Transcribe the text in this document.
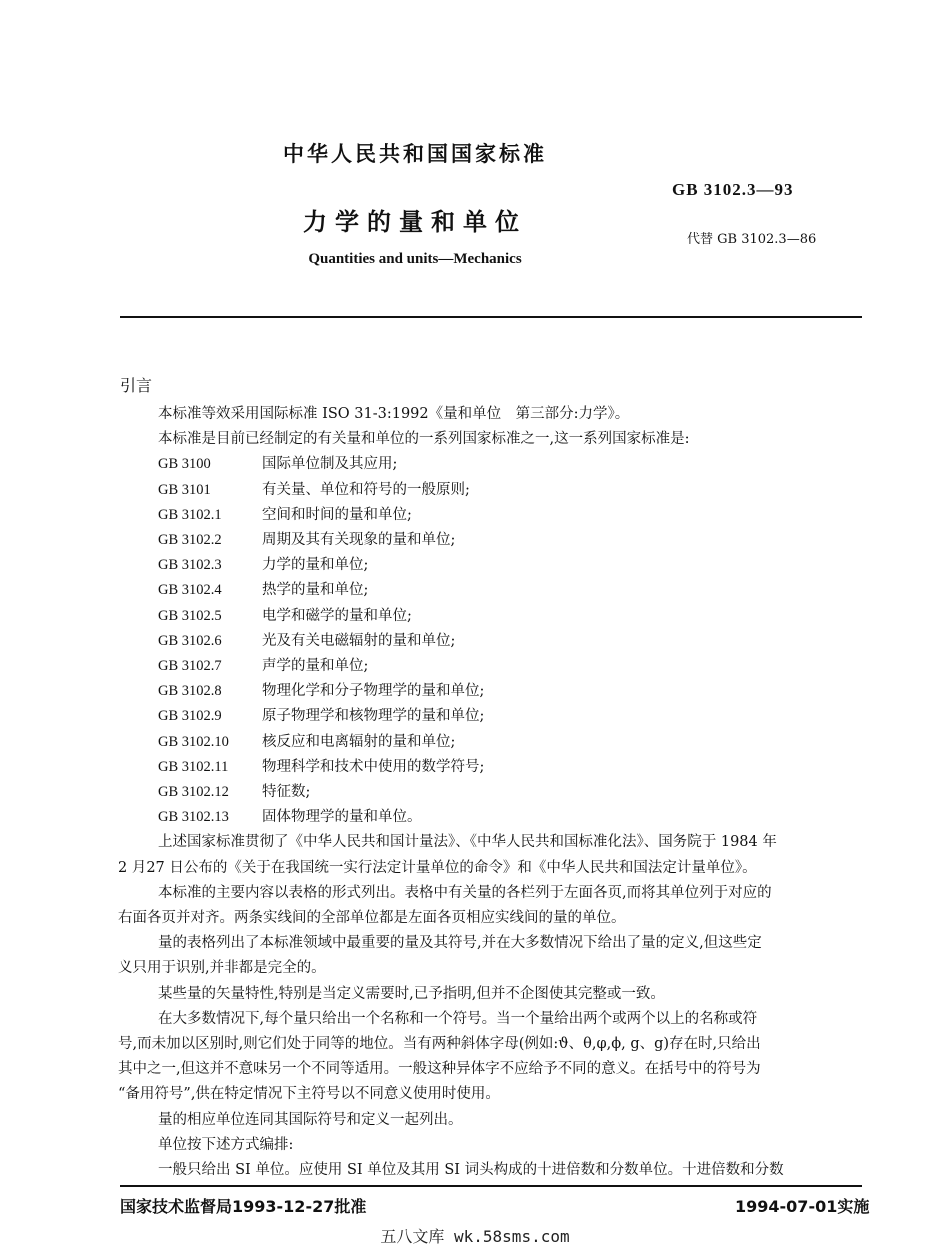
中华人民共和国国家标准
GB 3102.3—93
力学的量和单位
代替 GB 3102.3—86
Quantities and units—Mechanics
引言
本标准等效采用国际标准 ISO 31-3:1992《量和单位　第三部分:力学》。
本标准是目前已经制定的有关量和单位的一系列国家标准之一,这一系列国家标准是:
GB 3100	国际单位制及其应用;
GB 3101	有关量、单位和符号的一般原则;
GB 3102.1	空间和时间的量和单位;
GB 3102.2	周期及其有关现象的量和单位;
GB 3102.3	力学的量和单位;
GB 3102.4	热学的量和单位;
GB 3102.5	电学和磁学的量和单位;
GB 3102.6	光及有关电磁辐射的量和单位;
GB 3102.7	声学的量和单位;
GB 3102.8	物理化学和分子物理学的量和单位;
GB 3102.9	原子物理学和核物理学的量和单位;
GB 3102.10 核反应和电离辐射的量和单位;
GB 3102.11 物理科学和技术中使用的数学符号;
GB 3102.12 特征数;
GB 3102.13 固体物理学的量和单位。
上述国家标准贯彻了《中华人民共和国计量法》、《中华人民共和国标准化法》、国务院于 1984 年
2 月27 日公布的《关于在我国统一实行法定计量单位的命令》和《中华人民共和国法定计量单位》。
本标准的主要内容以表格的形式列出。表格中有关量的各栏列于左面各页,而将其单位列于对应的
右面各页并对齐。两条实线间的全部单位都是左面各页相应实线间的量的单位。
量的表格列出了本标准领域中最重要的量及其符号,并在大多数情况下给出了量的定义,但这些定
义只用于识别,并非都是完全的。
某些量的矢量特性,特别是当定义需要时,已予指明,但并不企图使其完整或一致。
在大多数情况下,每个量只给出一个名称和一个符号。当一个量给出两个或两个以上的名称或符
号,而未加以区别时,则它们处于同等的地位。当有两种斜体字母(例如:ϑ、θ,φ,ϕ, g、g)存在时,只给出
其中之一,但这并不意味另一个不同等适用。一般这种异体字不应给予不同的意义。在括号中的符号为
“备用符号”,供在特定情况下主符号以不同意义使用时使用。
量的相应单位连同其国际符号和定义一起列出。
单位按下述方式编排:
一般只给出 SI 单位。应使用 SI 单位及其用 SI 词头构成的十进倍数和分数单位。十进倍数和分数
国家技术监督局1993-12-27批准	1994-07-01实施
五八文库 wk.58sms.com
